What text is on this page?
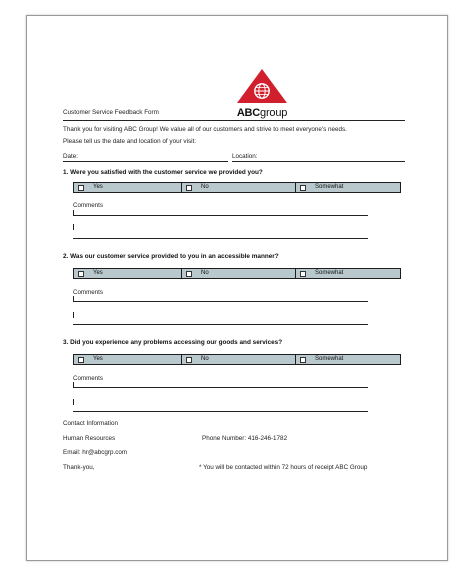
ABCgroup
Customer Service Feedback Form
Thank you for visiting ABC Group! We value all of our customers and strive to meet everyone's needs.
Please tell us the date and location of your visit:
Date:	Location:
1. Were you satisfied with the customer service we provided you?
Yes	No	Somewhat
Comments
2. Was our customer service provided to you in an accessible manner?
Yes	No	Somewhat
Comments
3. Did you experience any problems accessing our goods and services?
Yes	No	Somewhat
Comments
Contact Information
Human Resources	Phone Number: 416-246-1782
Email: hr@abcgrp.com
Thank-you,	* You will be contacted within 72 hours of receipt ABC Group
